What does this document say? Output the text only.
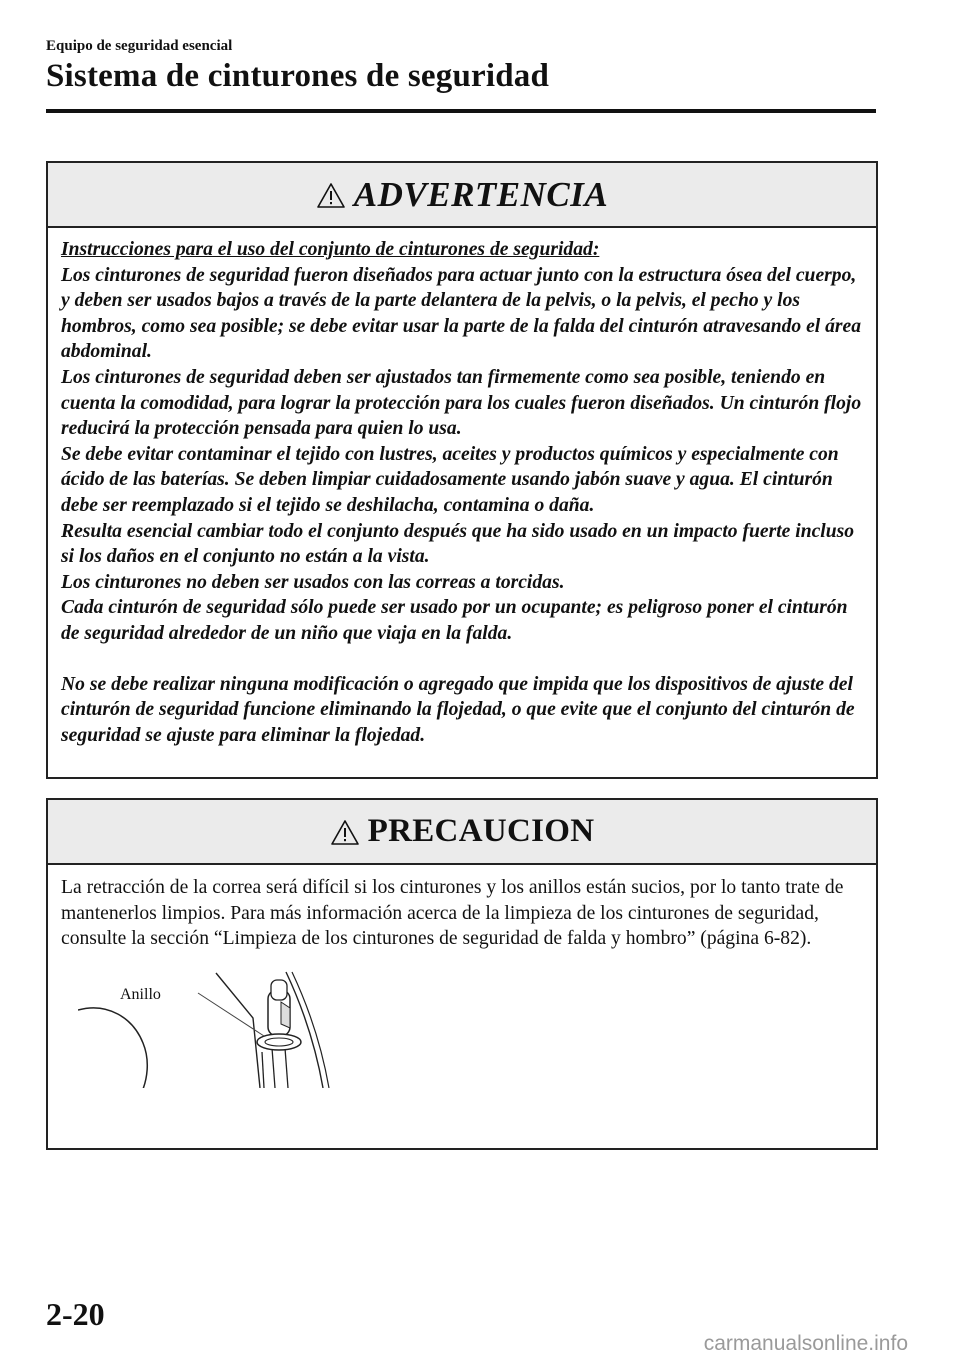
Equipo de seguridad esencial
Sistema de cinturones de seguridad
ADVERTENCIA

Instrucciones para el uso del conjunto de cinturones de seguridad:

Los cinturones de seguridad fueron diseñados para actuar junto con la estructura ósea del cuerpo, y deben ser usados bajos a través de la parte delantera de la pelvis, o la pelvis, el pecho y los hombros, como sea posible; se debe evitar usar la parte de la falda del cinturón atravesando el área abdominal.

Los cinturones de seguridad deben ser ajustados tan firmemente como sea posible, teniendo en cuenta la comodidad, para lograr la protección para los cuales fueron diseñados. Un cinturón flojo reducirá la protección pensada para quien lo usa.

Se debe evitar contaminar el tejido con lustres, aceites y productos químicos y especialmente con ácido de las baterías. Se deben limpiar cuidadosamente usando jabón suave y agua. El cinturón debe ser reemplazado si el tejido se deshilacha, contamina o daña.

Resulta esencial cambiar todo el conjunto después que ha sido usado en un impacto fuerte incluso si los daños en el conjunto no están a la vista.

Los cinturones no deben ser usados con las correas a torcidas.

Cada cinturón de seguridad sólo puede ser usado por un ocupante; es peligroso poner el cinturón de seguridad alrededor de un niño que viaja en la falda.

No se debe realizar ninguna modificación o agregado que impida que los dispositivos de ajuste del cinturón de seguridad funcione eliminando la flojedad, o que evite que el conjunto del cinturón de seguridad se ajuste para eliminar la flojedad.

PRECAUCION

La retracción de la correa será difícil si los cinturones y los anillos están sucios, por lo tanto trate de mantenerlos limpios. Para más información acerca de la limpieza de los cinturones de seguridad, consulte la sección “Limpieza de los cinturones de seguridad de falda y hombro” (página 6-82).

Anillo
2-20
carmanualsonline.info
